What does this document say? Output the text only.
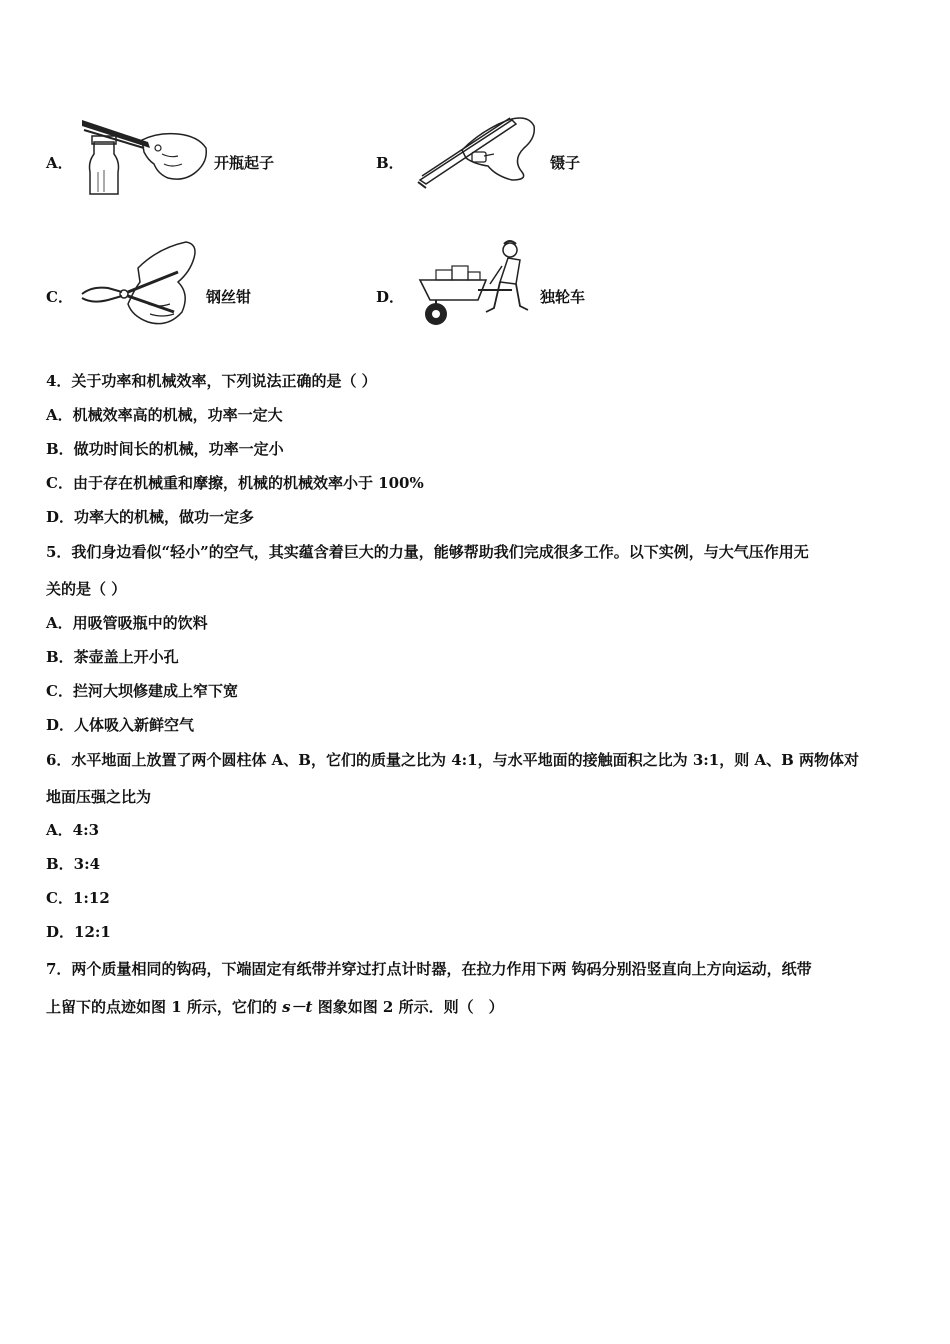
A．	开瓶起子	B．	镊子
C．	钢丝钳	D．	独轮车
4．关于功率和机械效率，下列说法正确的是（ ）
A．机械效率高的机械，功率一定大
B．做功时间长的机械，功率一定小
C．由于存在机械重和摩擦，机械的机械效率小于 100%
D．功率大的机械，做功一定多
5．我们身边看似“轻小”的空气，其实蕴含着巨大的力量，能够帮助我们完成很多工作。以下实例，与大气压作用无
关的是（ ）
A．用吸管吸瓶中的饮料
B．茶壶盖上开小孔
C．拦河大坝修建成上窄下宽
D．人体吸入新鲜空气
6．水平地面上放置了两个圆柱体 A、B，它们的质量之比为 4:1，与水平地面的接触面积之比为 3:1，则 A、B 两物体对
地面压强之比为
A．4:3
B．3:4
C．1:12
D．12:1
7．两个质量相同的钩码，下端固定有纸带并穿过打点计时器，在拉力作用下两 钩码分别沿竖直向上方向运动，纸带
上留下的点迹如图 1 所示，它们的 s－t 图象如图 2 所示．则（　）
